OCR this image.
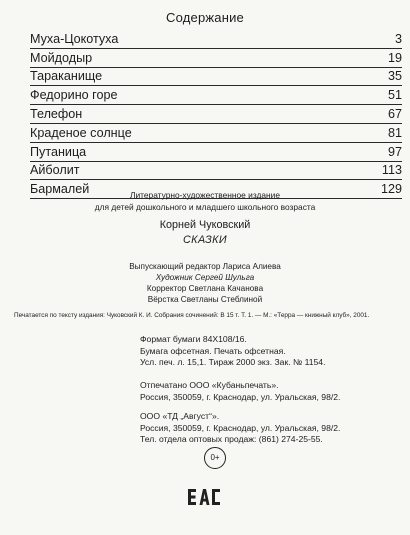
Содержание
Муха-Цокотуха	3
Мойдодыр	19
Тараканище	35
Федорино горе	51
Телефон	67
Краденое солнце	81
Путаница	97
Айболит	113
Бармалей	129
Литературно-художественное издание
для детей дошкольного и младшего школьного возраста
Корней Чуковский
СКАЗКИ
Выпускающий редактор Лариса Алиева
Художник Сергей Шульга
Корректор Светлана Качанова
Вёрстка Светланы Стеблиной
Печатается по тексту издания: Чуковский К. И. Собрания сочинений: В 15 т. Т. 1. — М.: «Терра — книжный клуб», 2001.
Формат бумаги 84Х108/16.
Бумага офсетная. Печать офсетная.
Усл. печ. л. 15,1. Тираж 2000 экз. Зак. № 1154.
Отпечатано ООО «Кубаньпечать».
Россия, 350059, г. Краснодар, ул. Уральская, 98/2.
ООО «ТД „Август“».
Россия, 350059, г. Краснодар, ул. Уральская, 98/2.
Тел. отдела оптовых продаж: (861) 274-25-55.
0+
